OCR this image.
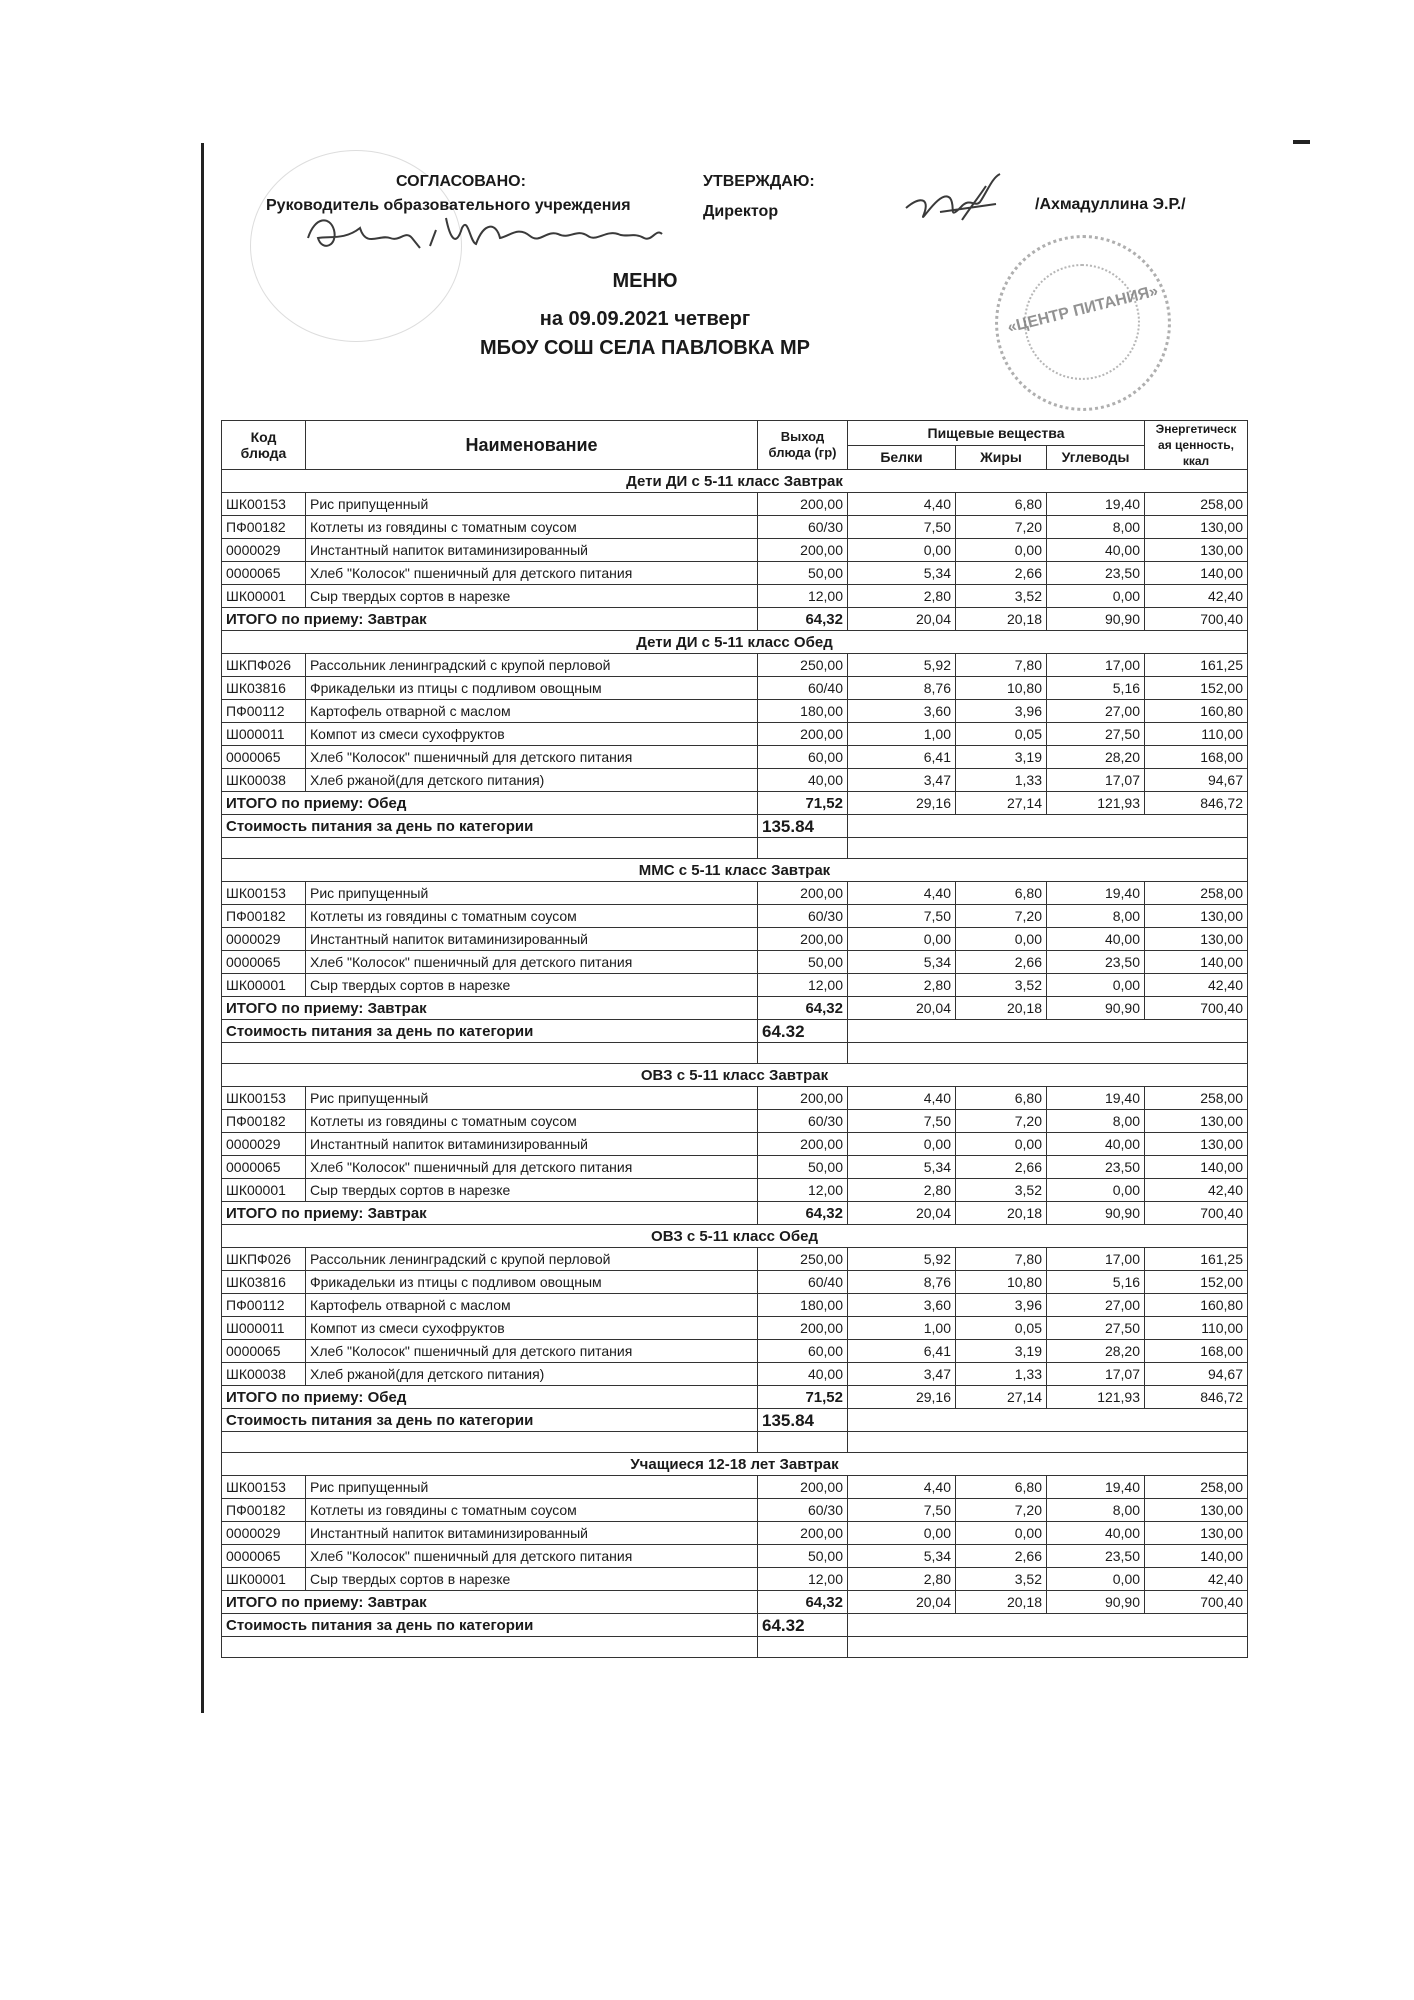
СОГЛАСОВАНО:
Руководитель образовательного учреждения
УТВЕРЖДАЮ:
Директор	/Ахмадуллина Э.Р./
«ЦЕНТР ПИТАНИЯ»
МЕНЮ
на 09.09.2021 четверг
МБОУ СОШ СЕЛА ПАВЛОВКА МР
Код блюда	Наименование	Выход блюда (гр)	Пищевые вещества			Энергетическ ая ценность, ккал
			Белки	Жиры	Углеводы	
Дети ДИ с 5-11 класс Завтрак						
ШК00153	Рис припущенный	200,00	4,40	6,80	19,40	258,00
ПФ00182	Котлеты из говядины с томатным соусом	60/30	7,50	7,20	8,00	130,00
0000029	Инстантный напиток витаминизированный	200,00	0,00	0,00	40,00	130,00
0000065	Хлеб "Колосок" пшеничный для детского питания	50,00	5,34	2,66	23,50	140,00
ШК00001	Сыр твердых сортов в нарезке	12,00	2,80	3,52	0,00	42,40
ИТОГО по приему: Завтрак		64,32	20,04	20,18	90,90	700,40
Дети ДИ с 5-11 класс Обед						
ШКПФ026	Рассольник ленинградский с крупой перловой	250,00	5,92	7,80	17,00	161,25
ШК03816	Фрикадельки из птицы с подливом овощным	60/40	8,76	10,80	5,16	152,00
ПФ00112	Картофель отварной с маслом	180,00	3,60	3,96	27,00	160,80
Ш000011	Компот из смеси сухофруктов	200,00	1,00	0,05	27,50	110,00
0000065	Хлеб "Колосок" пшеничный для детского питания	60,00	6,41	3,19	28,20	168,00
ШК00038	Хлеб ржаной(для детского питания)	40,00	3,47	1,33	17,07	94,67
ИТОГО по приему: Обед		71,52	29,16	27,14	121,93	846,72
Стоимость питания за день по категории		135.84				

ММС с 5-11 класс Завтрак						
ШК00153	Рис припущенный	200,00	4,40	6,80	19,40	258,00
ПФ00182	Котлеты из говядины с томатным соусом	60/30	7,50	7,20	8,00	130,00
0000029	Инстантный напиток витаминизированный	200,00	0,00	0,00	40,00	130,00
0000065	Хлеб "Колосок" пшеничный для детского питания	50,00	5,34	2,66	23,50	140,00
ШК00001	Сыр твердых сортов в нарезке	12,00	2,80	3,52	0,00	42,40
ИТОГО по приему: Завтрак		64,32	20,04	20,18	90,90	700,40
Стоимость питания за день по категории		64.32				

ОВЗ с 5-11 класс Завтрак						
ШК00153	Рис припущенный	200,00	4,40	6,80	19,40	258,00
ПФ00182	Котлеты из говядины с томатным соусом	60/30	7,50	7,20	8,00	130,00
0000029	Инстантный напиток витаминизированный	200,00	0,00	0,00	40,00	130,00
0000065	Хлеб "Колосок" пшеничный для детского питания	50,00	5,34	2,66	23,50	140,00
ШК00001	Сыр твердых сортов в нарезке	12,00	2,80	3,52	0,00	42,40
ИТОГО по приему: Завтрак		64,32	20,04	20,18	90,90	700,40
ОВЗ с 5-11 класс Обед						
ШКПФ026	Рассольник ленинградский с крупой перловой	250,00	5,92	7,80	17,00	161,25
ШК03816	Фрикадельки из птицы с подливом овощным	60/40	8,76	10,80	5,16	152,00
ПФ00112	Картофель отварной с маслом	180,00	3,60	3,96	27,00	160,80
Ш000011	Компот из смеси сухофруктов	200,00	1,00	0,05	27,50	110,00
0000065	Хлеб "Колосок" пшеничный для детского питания	60,00	6,41	3,19	28,20	168,00
ШК00038	Хлеб ржаной(для детского питания)	40,00	3,47	1,33	17,07	94,67
ИТОГО по приему: Обед		71,52	29,16	27,14	121,93	846,72
Стоимость питания за день по категории		135.84				

Учащиеся 12-18 лет Завтрак						
ШК00153	Рис припущенный	200,00	4,40	6,80	19,40	258,00
ПФ00182	Котлеты из говядины с томатным соусом	60/30	7,50	7,20	8,00	130,00
0000029	Инстантный напиток витаминизированный	200,00	0,00	0,00	40,00	130,00
0000065	Хлеб "Колосок" пшеничный для детского питания	50,00	5,34	2,66	23,50	140,00
ШК00001	Сыр твердых сортов в нарезке	12,00	2,80	3,52	0,00	42,40
ИТОГО по приему: Завтрак		64,32	20,04	20,18	90,90	700,40
Стоимость питания за день по категории		64.32				
